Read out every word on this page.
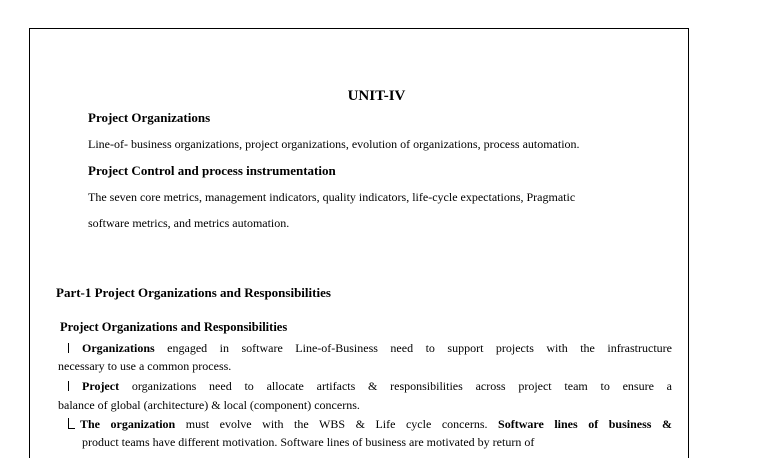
UNIT-IV
Project Organizations
Line-of- business organizations, project organizations, evolution of organizations, process automation.
Project Control and process instrumentation
The seven core metrics, management indicators, quality indicators, life-cycle expectations, Pragmatic
software metrics, and metrics automation.
Part-1 Project Organizations and Responsibilities
Project Organizations and Responsibilities
Organizations engaged in software Line-of-Business need to support projects with the infrastructure
necessary to use a common process.
Project organizations need to allocate artifacts & responsibilities across project team to ensure a
balance of global (architecture) & local (component) concerns.
The organization must evolve with the WBS & Life cycle concerns. Software lines of business &
product teams have different motivation. Software lines of business are motivated by return of
